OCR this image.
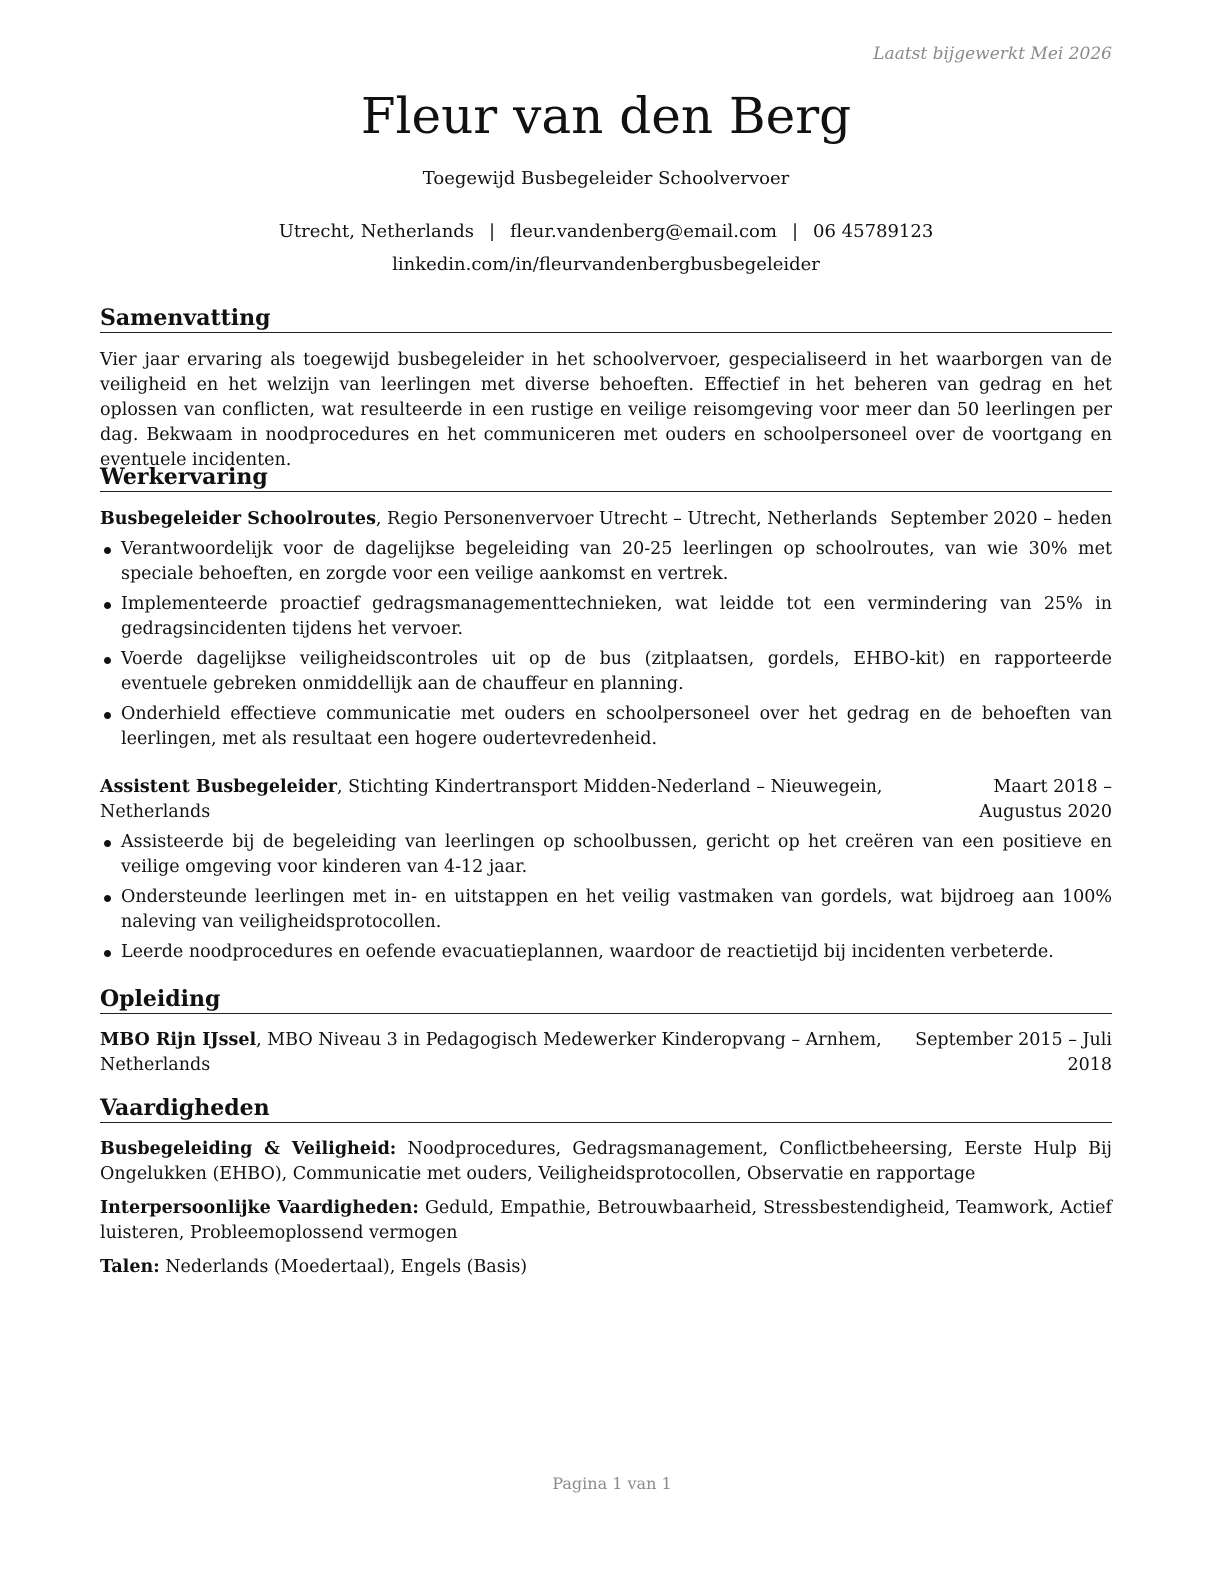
Laatst bijgewerkt Mei 2026
Fleur van den Berg
Toegewijd Busbegeleider Schoolvervoer
Utrecht, Netherlands | fleur.vandenberg@email.com | 06 45789123
linkedin.com/in/fleurvandenbergbusbegeleider
Samenvatting
Vier jaar ervaring als toegewijd busbegeleider in het schoolvervoer, gespecialiseerd in het waarborgen van de veiligheid en het welzijn van leerlingen met diverse behoeften. Effectief in het beheren van gedrag en het oplossen van conflicten, wat resulteerde in een rustige en veilige reisomgeving voor meer dan 50 leerlingen per dag. Bekwaam in noodprocedures en het communiceren met ouders en schoolpersoneel over de voortgang en eventuele incidenten.
Werkervaring
Busbegeleider Schoolroutes, Regio Personenvervoer Utrecht – Utrecht, Netherlands September 2020 – heden
Verantwoordelijk voor de dagelijkse begeleiding van 20-25 leerlingen op schoolroutes, van wie 30% met speciale behoeften, en zorgde voor een veilige aankomst en vertrek.
Implementeerde proactief gedragsmanagementtechnieken, wat leidde tot een vermindering van 25% in gedragsincidenten tijdens het vervoer.
Voerde dagelijkse veiligheidscontroles uit op de bus (zitplaatsen, gordels, EHBO-kit) en rapporteerde eventuele gebreken onmiddellijk aan de chauffeur en planning.
Onderhield effectieve communicatie met ouders en schoolpersoneel over het gedrag en de behoeften van leerlingen, met als resultaat een hogere oudertevredenheid.
Assistent Busbegeleider, Stichting Kindertransport Midden-Nederland – Nieuwegein, Netherlands
Maart 2018 – Augustus 2020
Assisteerde bij de begeleiding van leerlingen op schoolbussen, gericht op het creëren van een positieve en veilige omgeving voor kinderen van 4-12 jaar.
Ondersteunde leerlingen met in- en uitstappen en het veilig vastmaken van gordels, wat bijdroeg aan 100% naleving van veiligheidsprotocollen.
Leerde noodprocedures en oefende evacuatieplannen, waardoor de reactietijd bij incidenten verbeterde.
Opleiding
MBO Rijn IJssel, MBO Niveau 3 in Pedagogisch Medewerker Kinderopvang – Arnhem, Netherlands
September 2015 – Juli 2018
Vaardigheden
Busbegeleiding & Veiligheid: Noodprocedures, Gedragsmanagement, Conflictbeheersing, Eerste Hulp Bij Ongelukken (EHBO), Communicatie met ouders, Veiligheidsprotocollen, Observatie en rapportage
Interpersoonlijke Vaardigheden: Geduld, Empathie, Betrouwbaarheid, Stressbestendigheid, Teamwork, Actief luisteren, Probleemoplossend vermogen
Talen: Nederlands (Moedertaal), Engels (Basis)
Pagina 1 van 1
